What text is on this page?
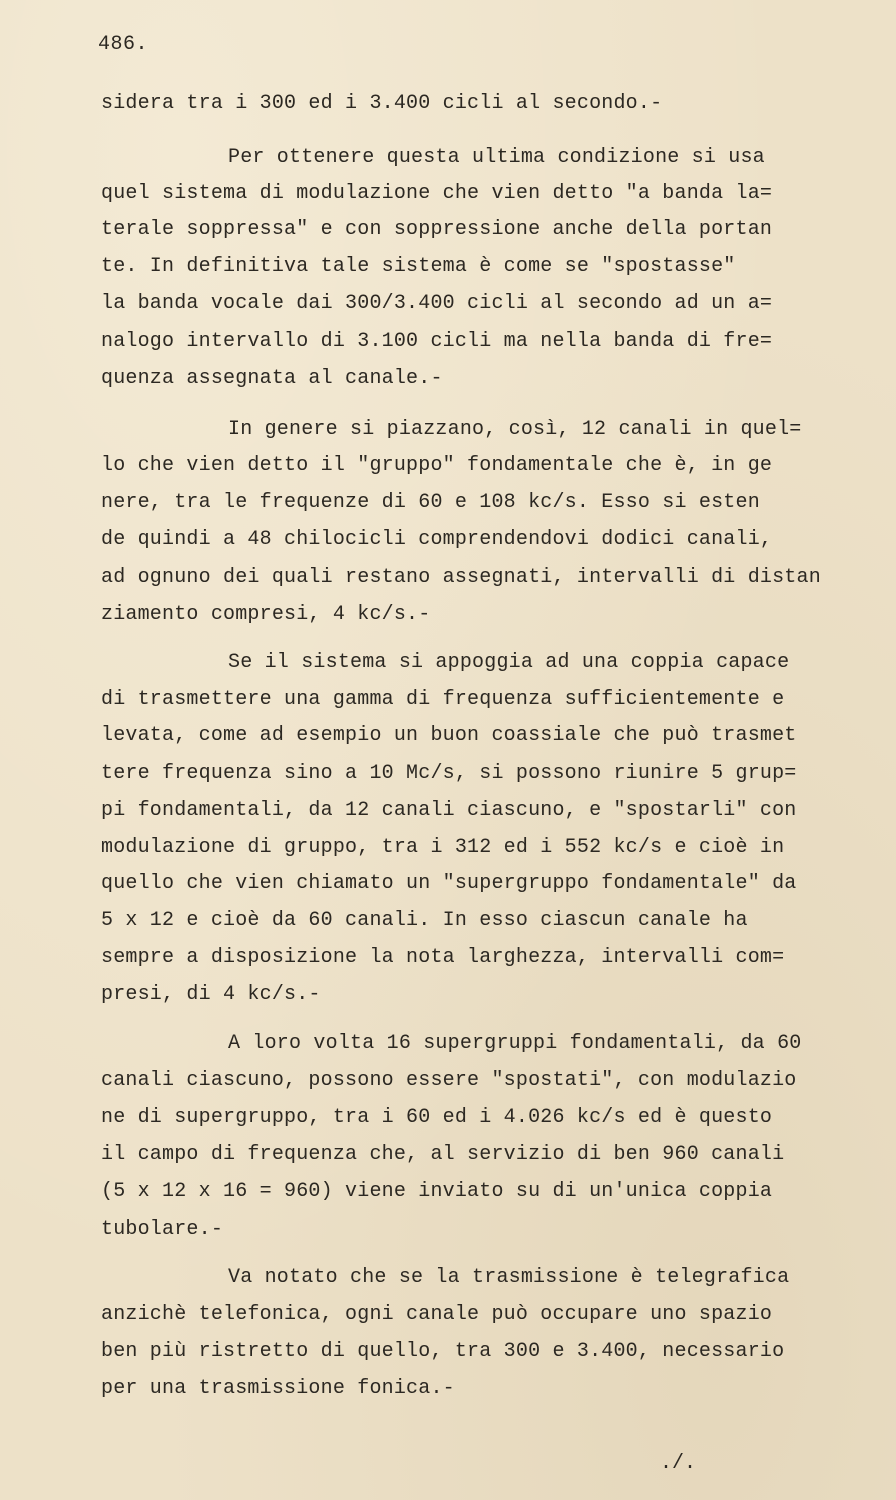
486.
sidera tra i 300 ed i 3.400 cicli al secondo.-
Per ottenere questa ultima condizione si usa
quel sistema di modulazione che vien detto "a banda la=
terale soppressa" e con soppressione anche della portan
te. In definitiva tale sistema è come se "spostasse"
la banda vocale dai 300/3.400 cicli al secondo ad un a=
nalogo intervallo di 3.100 cicli ma nella banda di fre=
quenza assegnata al canale.-
In genere si piazzano, così, 12 canali in quel=
lo che vien detto il "gruppo" fondamentale che è, in ge
nere, tra le frequenze di 60 e 108 kc/s. Esso si esten
de quindi a 48 chilocicli comprendendovi dodici canali,
ad ognuno dei quali restano assegnati, intervalli di distan
ziamento compresi, 4 kc/s.-
Se il sistema si appoggia ad una coppia capace
di trasmettere una gamma di frequenza sufficientemente e
levata, come ad esempio un buon coassiale che può trasmet
tere frequenza sino a 10 Mc/s, si possono riunire 5 grup=
pi fondamentali, da 12 canali ciascuno, e "spostarli" con
modulazione di gruppo, tra i 312 ed i 552 kc/s e cioè in
quello che vien chiamato un "supergruppo fondamentale" da
5 x 12 e cioè da 60 canali. In esso ciascun canale ha
sempre a disposizione la nota larghezza, intervalli com=
presi, di 4 kc/s.-
A loro volta 16 supergruppi fondamentali, da 60
canali ciascuno, possono essere "spostati", con modulazio
ne di supergruppo, tra i 60 ed i 4.026 kc/s ed è questo
il campo di frequenza che, al servizio di ben 960 canali
(5 x 12 x 16 = 960) viene inviato su di un'unica coppia
tubolare.-
Va notato che se la trasmissione è telegrafica
anzichè telefonica, ogni canale può occupare uno spazio
ben più ristretto di quello, tra 300 e 3.400, necessario
per una trasmissione fonica.-
./.
